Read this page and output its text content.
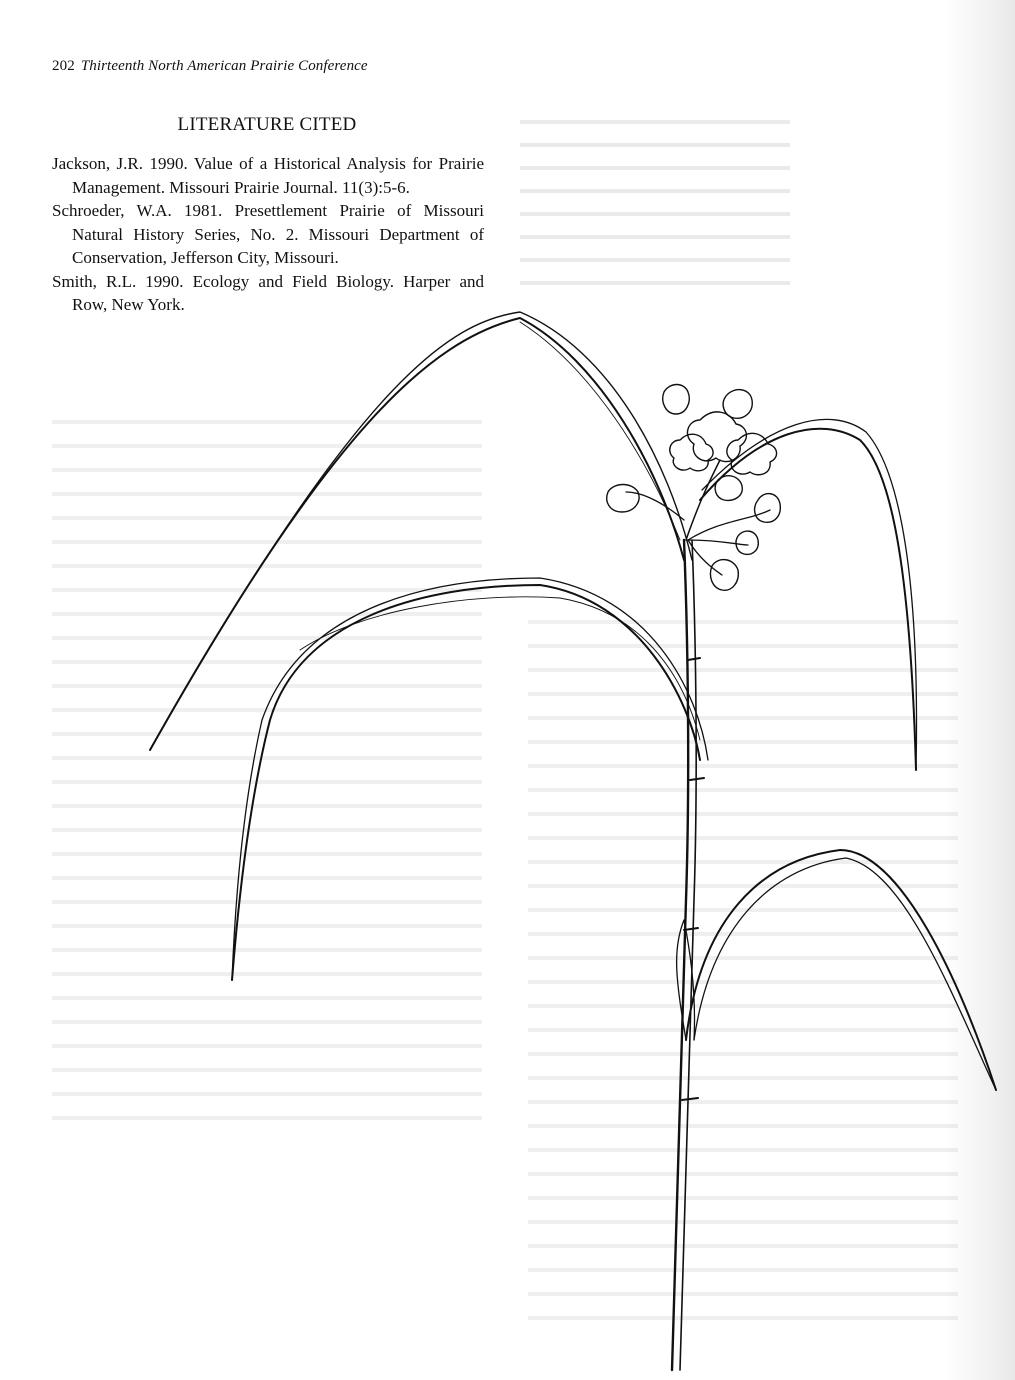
202 Thirteenth North American Prairie Conference
LITERATURE CITED
Jackson, J.R. 1990. Value of a Historical Analysis for Prairie Management. Missouri Prairie Journal. 11(3):5-6.
Schroeder, W.A. 1981. Presettlement Prairie of Missouri Natural History Series, No. 2. Missouri Department of Conservation, Jefferson City, Missouri.
Smith, R.L. 1990. Ecology and Field Biology. Harper and Row, New York.
